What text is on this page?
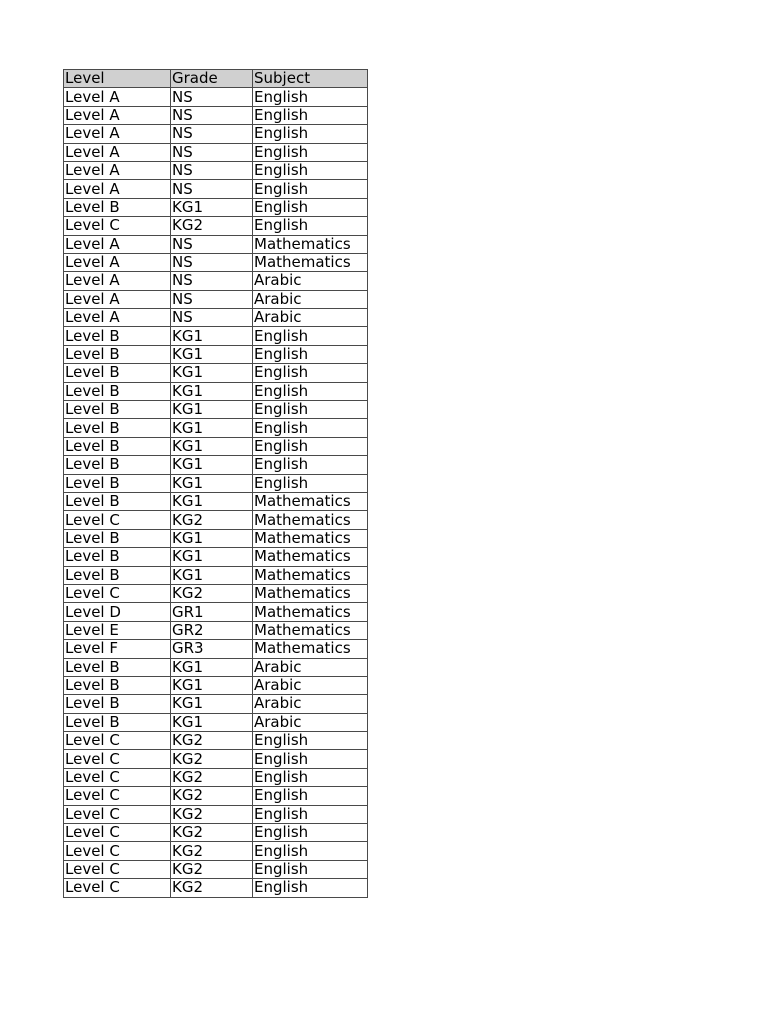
Level	Grade	Subject
Level A	NS	English
Level A	NS	English
Level A	NS	English
Level A	NS	English
Level A	NS	English
Level A	NS	English
Level B	KG1	English
Level C	KG2	English
Level A	NS	Mathematics
Level A	NS	Mathematics
Level A	NS	Arabic
Level A	NS	Arabic
Level A	NS	Arabic
Level B	KG1	English
Level B	KG1	English
Level B	KG1	English
Level B	KG1	English
Level B	KG1	English
Level B	KG1	English
Level B	KG1	English
Level B	KG1	English
Level B	KG1	English
Level B	KG1	Mathematics
Level C	KG2	Mathematics
Level B	KG1	Mathematics
Level B	KG1	Mathematics
Level B	KG1	Mathematics
Level C	KG2	Mathematics
Level D	GR1	Mathematics
Level E	GR2	Mathematics
Level F	GR3	Mathematics
Level B	KG1	Arabic
Level B	KG1	Arabic
Level B	KG1	Arabic
Level B	KG1	Arabic
Level C	KG2	English
Level C	KG2	English
Level C	KG2	English
Level C	KG2	English
Level C	KG2	English
Level C	KG2	English
Level C	KG2	English
Level C	KG2	English
Level C	KG2	English
